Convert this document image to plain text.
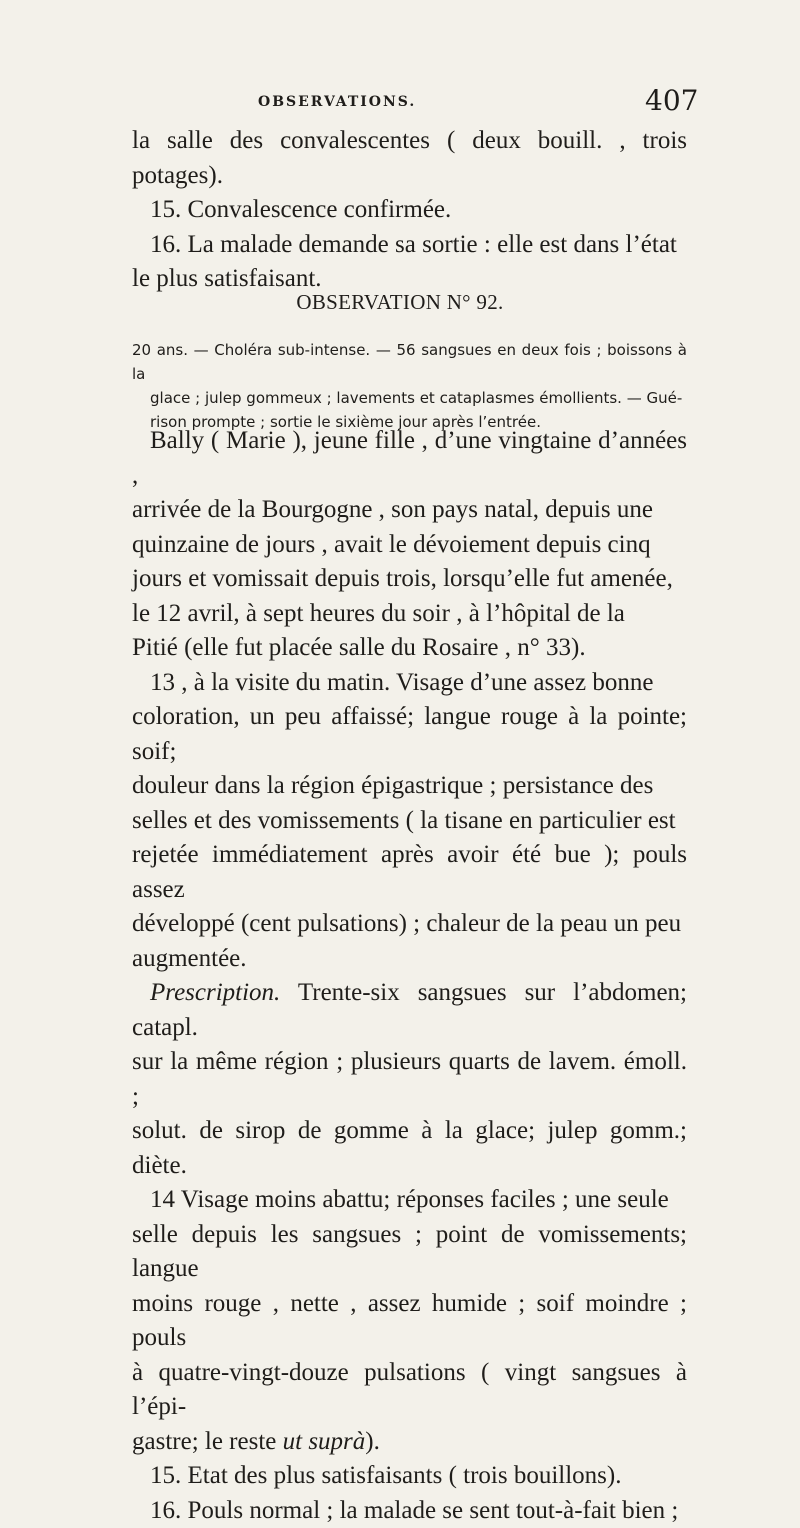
OBSERVATIONS.	407

la salle des convalescentes ( deux bouill. , trois potages).

15. Convalescence confirmée.

16. La malade demande sa sortie : elle est dans l’état

le plus satisfaisant.

OBSERVATION N° 92.

20 ans. — Choléra sub-intense. — 56 sangsues en deux fois ; boissons à la

glace ; julep gommeux ; lavements et cataplasmes émollients. — Gué-

rison prompte ; sortie le sixième jour après l’entrée.

Bally ( Marie ), jeune fille , d’une vingtaine d’années ,

arrivée de la Bourgogne , son pays natal, depuis une

quinzaine de jours , avait le dévoiement depuis cinq

jours et vomissait depuis trois, lorsqu’elle fut amenée,

le 12 avril, à sept heures du soir , à l’hôpital de la

Pitié (elle fut placée salle du Rosaire , n° 33).

13 , à la visite du matin. Visage d’une assez bonne

coloration, un peu affaissé; langue rouge à la pointe; soif;

douleur dans la région épigastrique ; persistance des

selles et des vomissements ( la tisane en particulier est

rejetée immédiatement après avoir été bue ); pouls assez

développé (cent pulsations) ; chaleur de la peau un peu

augmentée.

Prescription. Trente-six sangsues sur l’abdomen; catapl.

sur la même région ; plusieurs quarts de lavem. émoll. ;

solut. de sirop de gomme à la glace; julep gomm.; diète.

14 Visage moins abattu; réponses faciles ; une seule

selle depuis les sangsues ; point de vomissements; langue

moins rouge , nette , assez humide ; soif moindre ; pouls

à quatre-vingt-douze pulsations ( vingt sangsues à l’épi-

gastre; le reste ut suprà).

15. Etat des plus satisfaisants ( trois bouillons).

16. Pouls normal ; la malade se sent tout-à-fait bien ;
